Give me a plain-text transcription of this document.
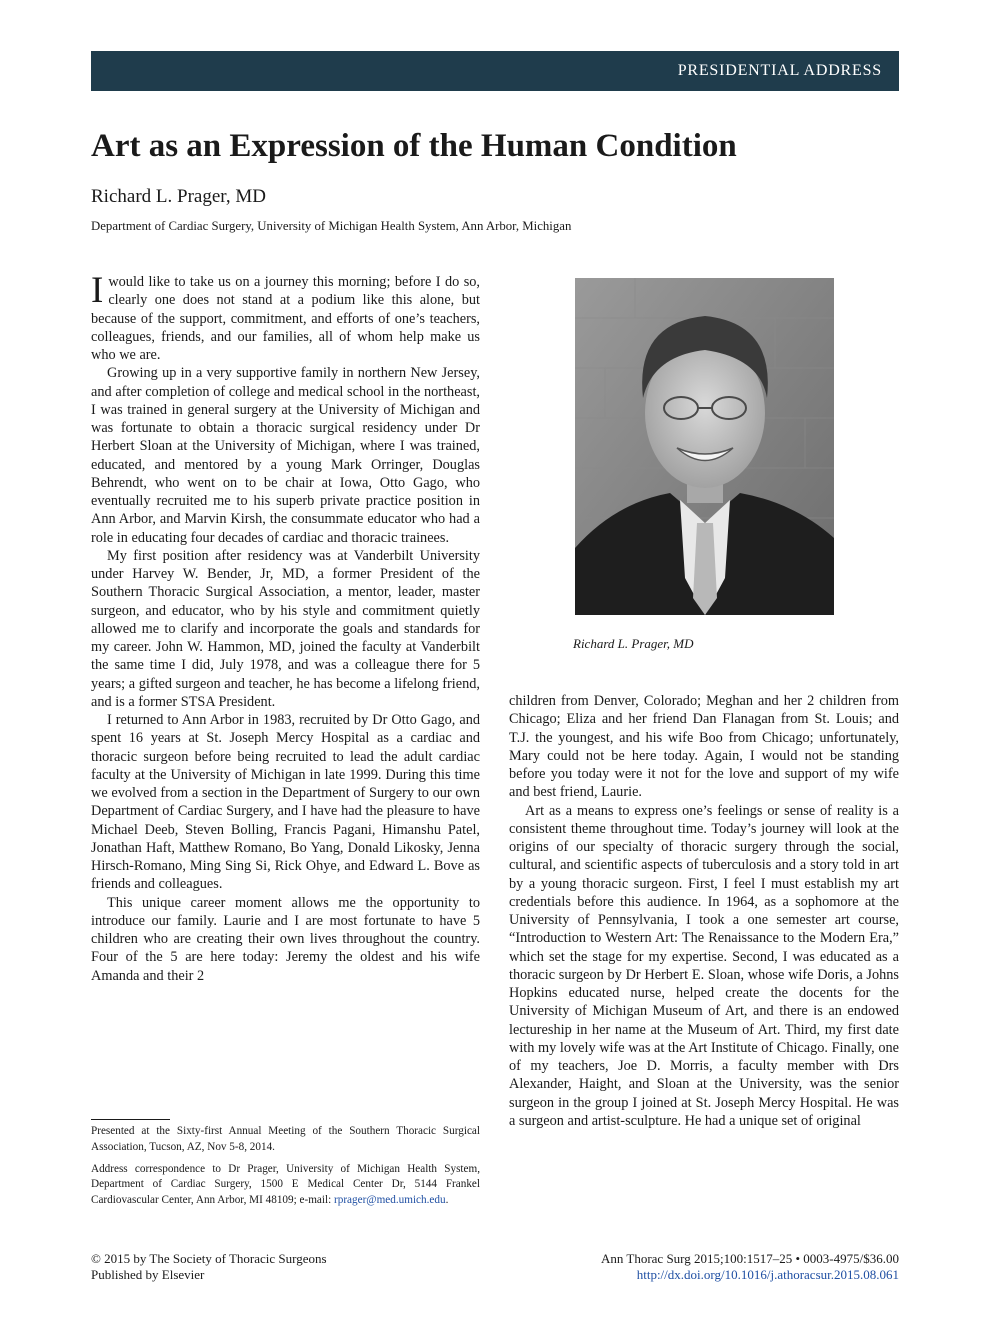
PRESIDENTIAL ADDRESS
Art as an Expression of the Human Condition
Richard L. Prager, MD
Department of Cardiac Surgery, University of Michigan Health System, Ann Arbor, Michigan

Iwould like to take us on a journey this morning; before I do so, clearly one does not stand at a podium like this alone, but because of the support, commitment, and efforts of one’s teachers, colleagues, friends, and our families, all of whom help make us who we are.

Growing up in a very supportive family in northern New Jersey, and after completion of college and medical school in the northeast, I was trained in general surgery at the University of Michigan and was fortunate to obtain a thoracic surgical residency under Dr Herbert Sloan at the University of Michigan, where I was trained, educated, and mentored by a young Mark Orringer, Douglas Behrendt, who went on to be chair at Iowa, Otto Gago, who eventually recruited me to his superb private practice position in Ann Arbor, and Marvin Kirsh, the consummate educator who had a role in educating four decades of cardiac and thoracic trainees.

My first position after residency was at Vanderbilt University under Harvey W. Bender, Jr, MD, a former President of the Southern Thoracic Surgical Association, a mentor, leader, master surgeon, and educator, who by his style and commitment quietly allowed me to clarify and incorporate the goals and standards for my career. John W. Hammon, MD, joined the faculty at Vanderbilt the same time I did, July 1978, and was a colleague there for 5 years; a gifted surgeon and teacher, he has become a lifelong friend, and is a former STSA President.

I returned to Ann Arbor in 1983, recruited by Dr Otto Gago, and spent 16 years at St. Joseph Mercy Hospital as a cardiac and thoracic surgeon before being recruited to lead the adult cardiac faculty at the University of Michigan in late 1999. During this time we evolved from a section in the Department of Surgery to our own Department of Cardiac Surgery, and I have had the pleasure to have Michael Deeb, Steven Bolling, Francis Pagani, Himanshu Patel, Jonathan Haft, Matthew Romano, Bo Yang, Donald Likosky, Jenna Hirsch-Romano, Ming Sing Si, Rick Ohye, and Edward L. Bove as friends and colleagues.

This unique career moment allows me the opportunity to introduce our family. Laurie and I are most fortunate to have 5 children who are creating their own lives throughout the country. Four of the 5 are here today: Jeremy the oldest and his wife Amanda and their 2

Richard L. Prager, MD

children from Denver, Colorado; Meghan and her 2 children from Chicago; Eliza and her friend Dan Flanagan from St. Louis; and T.J. the youngest, and his wife Boo from Chicago; unfortunately, Mary could not be here today. Again, I would not be standing before you today were it not for the love and support of my wife and best friend, Laurie.

Art as a means to express one’s feelings or sense of reality is a consistent theme throughout time. Today’s journey will look at the origins of our specialty of thoracic surgery through the social, cultural, and scientific aspects of tuberculosis and a story told in art by a young thoracic surgeon. First, I feel I must establish my art credentials before this audience. In 1964, as a sophomore at the University of Pennsylvania, I took a one semester art course, “Introduction to Western Art: The Renaissance to the Modern Era,” which set the stage for my expertise. Second, I was educated as a thoracic surgeon by Dr Herbert E. Sloan, whose wife Doris, a Johns Hopkins educated nurse, helped create the docents for the University of Michigan Museum of Art, and there is an endowed lectureship in her name at the Museum of Art. Third, my first date with my lovely wife was at the Art Institute of Chicago. Finally, one of my teachers, Joe D. Morris, a faculty member with Drs Alexander, Haight, and Sloan at the University, was the senior surgeon in the group I joined at St. Joseph Mercy Hospital. He was a surgeon and artist-sculpture. He had a unique set of original

Presented at the Sixty-first Annual Meeting of the Southern Thoracic Surgical Association, Tucson, AZ, Nov 5-8, 2014.

Address correspondence to Dr Prager, University of Michigan Health System, Department of Cardiac Surgery, 1500 E Medical Center Dr, 5144 Frankel Cardiovascular Center, Ann Arbor, MI 48109; e-mail: rprager@med.umich.edu.

© 2015 by The Society of Thoracic Surgeons
Published by Elsevier
Ann Thorac Surg 2015;100:1517–25 • 0003-4975/$36.00
http://dx.doi.org/10.1016/j.athoracsur.2015.08.061
